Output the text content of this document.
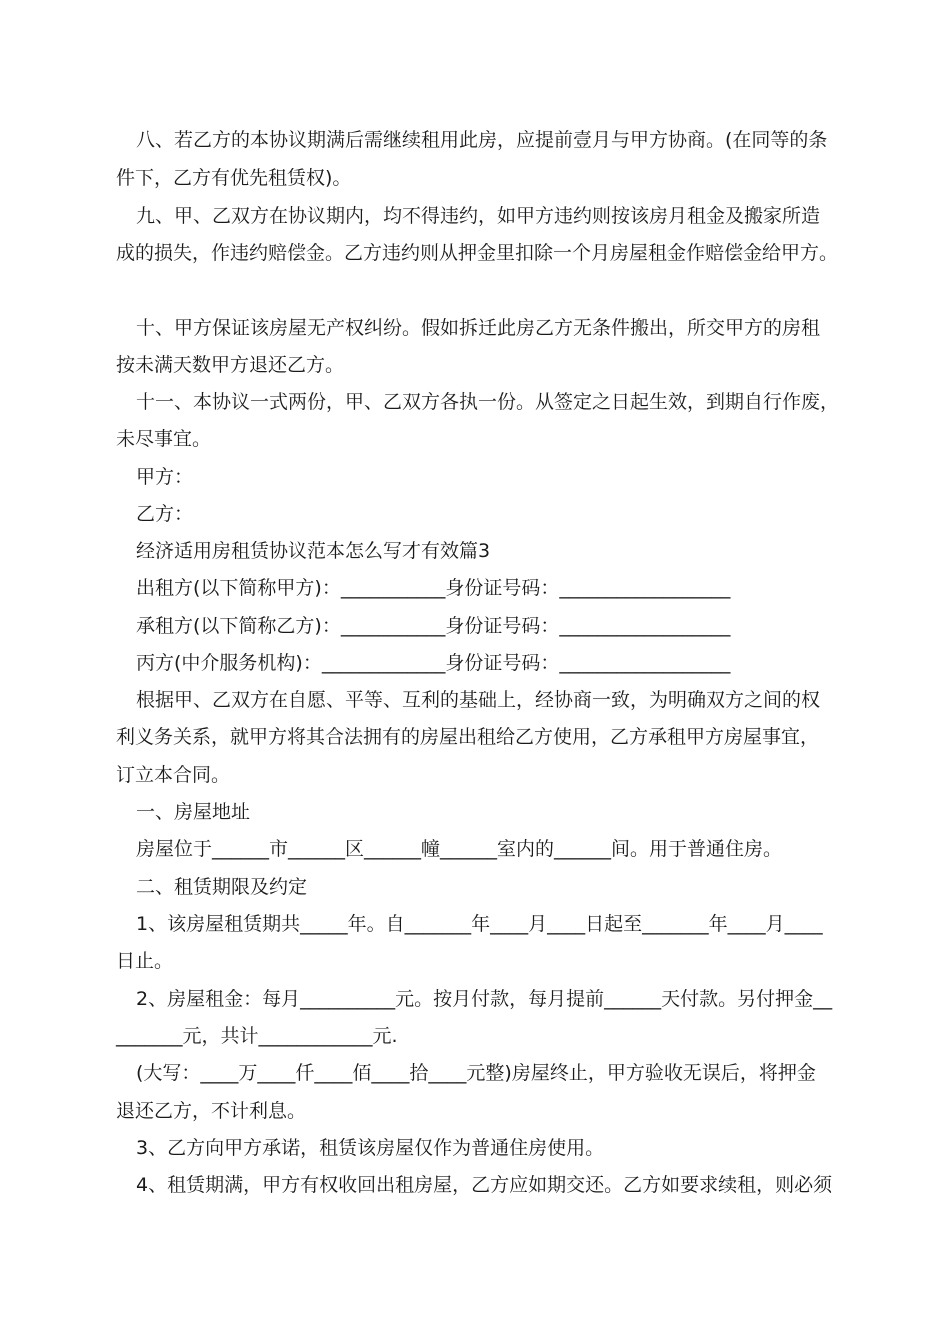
八、若乙方的本协议期满后需继续租用此房，应提前壹月与甲方协商。(在同等的条
件下，乙方有优先租赁权)。
九、甲、乙双方在协议期内，均不得违约，如甲方违约则按该房月租金及搬家所造
成的损失，作违约赔偿金。乙方违约则从押金里扣除一个月房屋租金作赔偿金给甲方。
十、甲方保证该房屋无产权纠纷。假如拆迁此房乙方无条件搬出，所交甲方的房租
按未满天数甲方退还乙方。
十一、本协议一式两份，甲、乙双方各执一份。从签定之日起生效，到期自行作废，
未尽事宜。
甲方：
乙方：
经济适用房租赁协议范本怎么写才有效篇3
出租方(以下简称甲方)：___________身份证号码：__________________
承租方(以下简称乙方)：___________身份证号码：__________________
丙方(中介服务机构)：_____________身份证号码：__________________
根据甲、乙双方在自愿、平等、互利的基础上，经协商一致，为明确双方之间的权
利义务关系，就甲方将其合法拥有的房屋出租给乙方使用，乙方承租甲方房屋事宜，
订立本合同。
一、房屋地址
房屋位于______市______区______幢______室内的______间。用于普通住房。
二、租赁期限及约定
1、该房屋租赁期共_____年。自_______年____月____日起至_______年____月____
日止。
2、房屋租金：每月__________元。按月付款，每月提前______天付款。另付押金__
_______元，共计____________元.
(大写：____万____仟____佰____拾____元整)房屋终止，甲方验收无误后，将押金
退还乙方，不计利息。
3、乙方向甲方承诺，租赁该房屋仅作为普通住房使用。
4、租赁期满，甲方有权收回出租房屋，乙方应如期交还。乙方如要求续租，则必须
